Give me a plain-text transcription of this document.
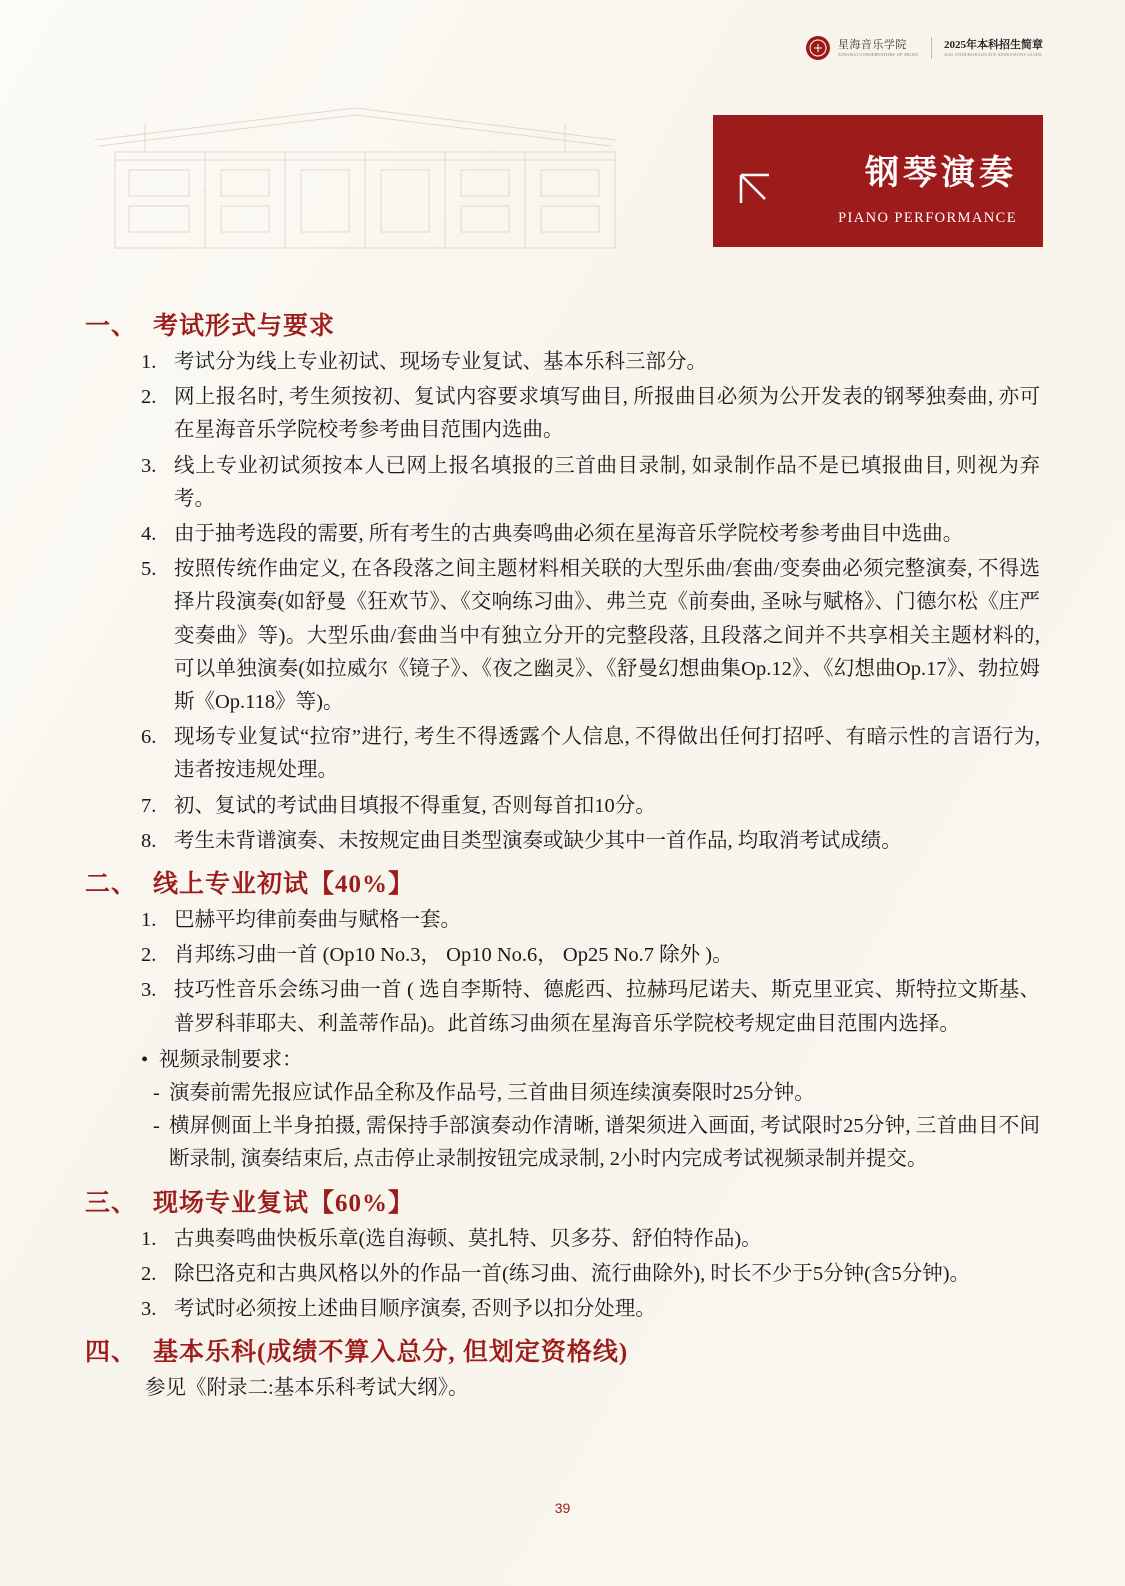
星海音乐学院
XINGHAI CONSERVATORY OF MUSIC
2025年本科招生简章
2025 UNDERGRADUATE ADMISSIONS GUIDE
钢琴演奏
PIANO PERFORMANCE
一、 考试形式与要求
1. 考试分为线上专业初试、现场专业复试、基本乐科三部分。
2. 网上报名时, 考生须按初、复试内容要求填写曲目, 所报曲目必须为公开发表的钢琴独奏曲, 亦可在星海音乐学院校考参考曲目范围内选曲。
3. 线上专业初试须按本人已网上报名填报的三首曲目录制, 如录制作品不是已填报曲目, 则视为弃考。
4. 由于抽考选段的需要, 所有考生的古典奏鸣曲必须在星海音乐学院校考参考曲目中选曲。
5. 按照传统作曲定义, 在各段落之间主题材料相关联的大型乐曲/套曲/变奏曲必须完整演奏, 不得选择片段演奏(如舒曼《狂欢节》、《交响练习曲》、弗兰克《前奏曲, 圣咏与赋格》、门德尔松《庄严变奏曲》等)。大型乐曲/套曲当中有独立分开的完整段落, 且段落之间并不共享相关主题材料的, 可以单独演奏(如拉威尔《镜子》、《夜之幽灵》、《舒曼幻想曲集Op.12》、《幻想曲Op.17》、勃拉姆斯《Op.118》等)。
6. 现场专业复试“拉帘”进行, 考生不得透露个人信息, 不得做出任何打招呼、有暗示性的言语行为, 违者按违规处理。
7. 初、复试的考试曲目填报不得重复, 否则每首扣10分。
8. 考生未背谱演奏、未按规定曲目类型演奏或缺少其中一首作品, 均取消考试成绩。
二、 线上专业初试【40%】
1. 巴赫平均律前奏曲与赋格一套。
2. 肖邦练习曲一首 (Op10 No.3， Op10 No.6， Op25 No.7 除外 )。
3. 技巧性音乐会练习曲一首 ( 选自李斯特、德彪西、拉赫玛尼诺夫、斯克里亚宾、斯特拉文斯基、普罗科菲耶夫、利盖蒂作品)。此首练习曲须在星海音乐学院校考规定曲目范围内选择。
• 视频录制要求：
- 演奏前需先报应试作品全称及作品号, 三首曲目须连续演奏限时25分钟。
- 横屏侧面上半身拍摄, 需保持手部演奏动作清晰, 谱架须进入画面, 考试限时25分钟, 三首曲目不间断录制, 演奏结束后, 点击停止录制按钮完成录制, 2小时内完成考试视频录制并提交。
三、 现场专业复试【60%】
1. 古典奏鸣曲快板乐章(选自海顿、莫扎特、贝多芬、舒伯特作品)。
2. 除巴洛克和古典风格以外的作品一首(练习曲、流行曲除外), 时长不少于5分钟(含5分钟)。
3. 考试时必须按上述曲目顺序演奏, 否则予以扣分处理。
四、 基本乐科(成绩不算入总分, 但划定资格线)
参见《附录二:基本乐科考试大纲》。
39
